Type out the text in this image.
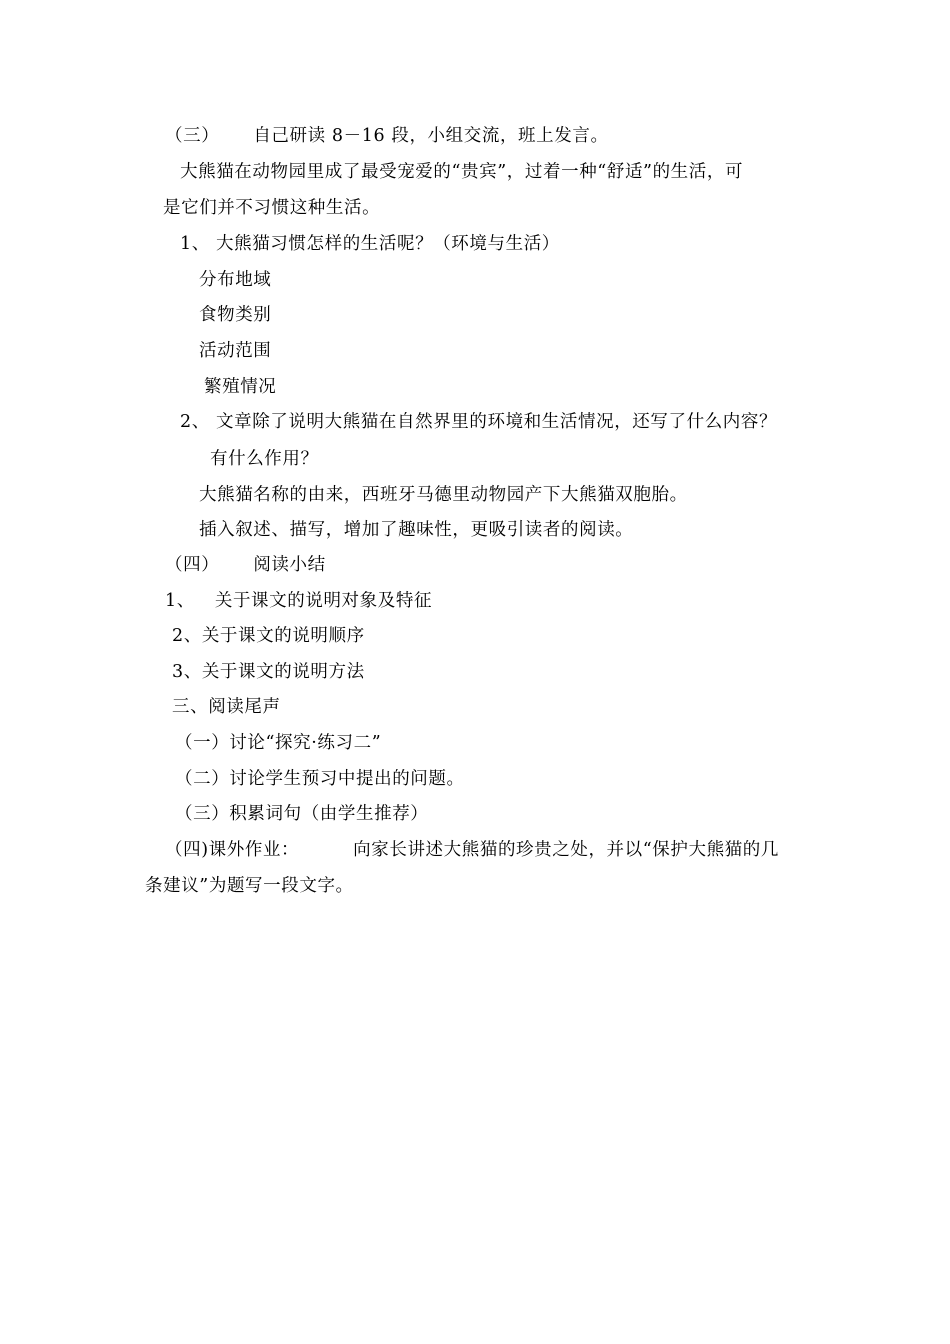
（三） 自己研读 8－16 段，小组交流，班上发言。

大熊猫在动物园里成了最受宠爱的“贵宾”，过着一种“舒适”的生活，可

是它们并不习惯这种生活。

1、 大熊猫习惯怎样的生活呢？（环境与生活）

分布地域

食物类别

活动范围

繁殖情况

2、 文章除了说明大熊猫在自然界里的环境和生活情况，还写了什么内容？

有什么作用？

大熊猫名称的由来，西班牙马德里动物园产下大熊猫双胞胎。

插入叙述、描写，增加了趣味性，更吸引读者的阅读。

（四） 阅读小结

1、 关于课文的说明对象及特征

2、关于课文的说明顺序

3、关于课文的说明方法

三、阅读尾声

（一）讨论“探究·练习二”

（二）讨论学生预习中提出的问题。

（三）积累词句（由学生推荐）

（四)课外作业：	向家长讲述大熊猫的珍贵之处，并以“保护大熊猫的几

条建议”为题写一段文字。
